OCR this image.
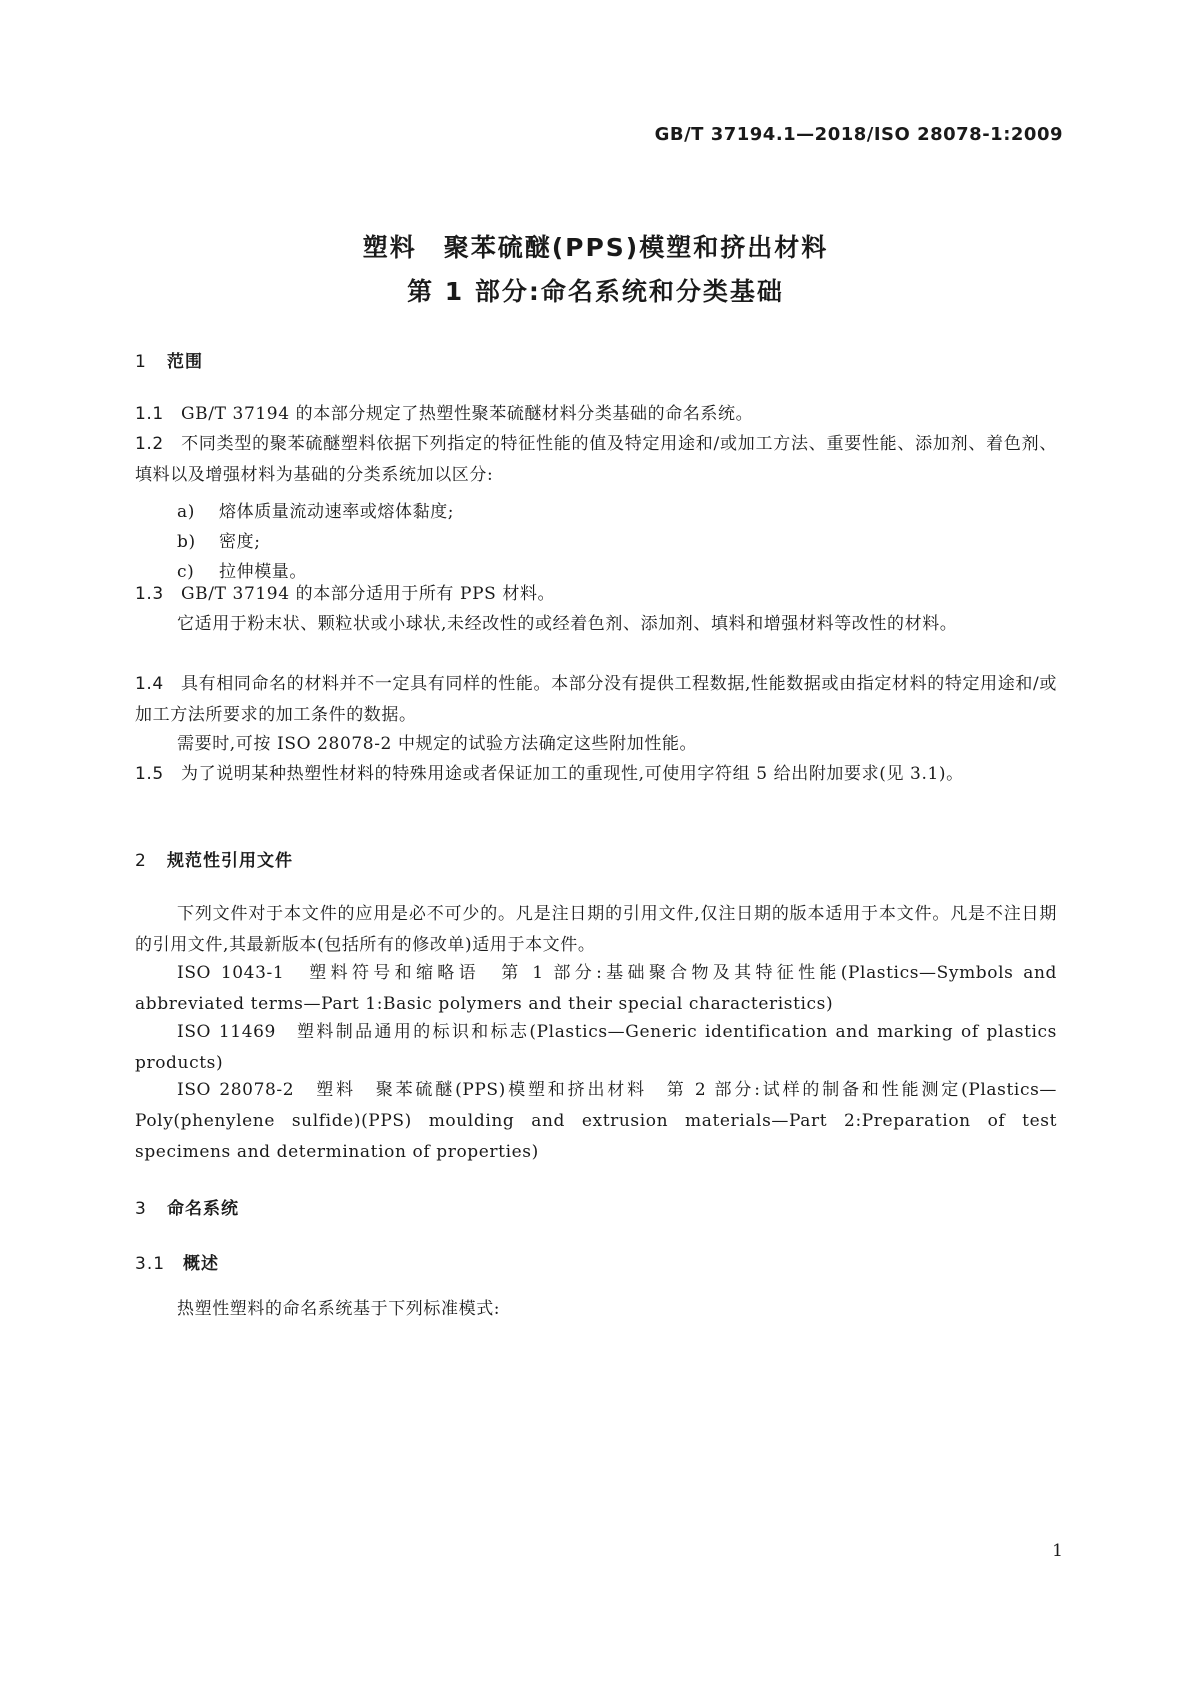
GB/T 37194.1—2018/ISO 28078-1:2009
塑料　聚苯硫醚(PPS)模塑和挤出材料
第 1 部分:命名系统和分类基础
1 范围
1.1 GB/T 37194 的本部分规定了热塑性聚苯硫醚材料分类基础的命名系统。
1.2 不同类型的聚苯硫醚塑料依据下列指定的特征性能的值及特定用途和/或加工方法、重要性能、添加剂、着色剂、填料以及增强材料为基础的分类系统加以区分:
a) 熔体质量流动速率或熔体黏度;
b) 密度;
c) 拉伸模量。
1.3 GB/T 37194 的本部分适用于所有 PPS 材料。
它适用于粉末状、颗粒状或小球状,未经改性的或经着色剂、添加剂、填料和增强材料等改性的材料。
1.4 具有相同命名的材料并不一定具有同样的性能。本部分没有提供工程数据,性能数据或由指定材料的特定用途和/或加工方法所要求的加工条件的数据。
需要时,可按 ISO 28078-2 中规定的试验方法确定这些附加性能。
1.5 为了说明某种热塑性材料的特殊用途或者保证加工的重现性,可使用字符组 5 给出附加要求(见 3.1)。
2 规范性引用文件
下列文件对于本文件的应用是必不可少的。凡是注日期的引用文件,仅注日期的版本适用于本文件。凡是不注日期的引用文件,其最新版本(包括所有的修改单)适用于本文件。
ISO 1043-1　塑料符号和缩略语　第 1 部分:基础聚合物及其特征性能(Plastics—Symbols and abbreviated terms—Part 1:Basic polymers and their special characteristics)
ISO 11469　塑料制品通用的标识和标志(Plastics—Generic identification and marking of plastics products)
ISO 28078-2　塑料　聚苯硫醚(PPS)模塑和挤出材料　第 2 部分:试样的制备和性能测定(Plastics—Poly(phenylene sulfide)(PPS) moulding and extrusion materials—Part 2:Preparation of test specimens and determination of properties)
3 命名系统
3.1 概述
热塑性塑料的命名系统基于下列标准模式:
1
